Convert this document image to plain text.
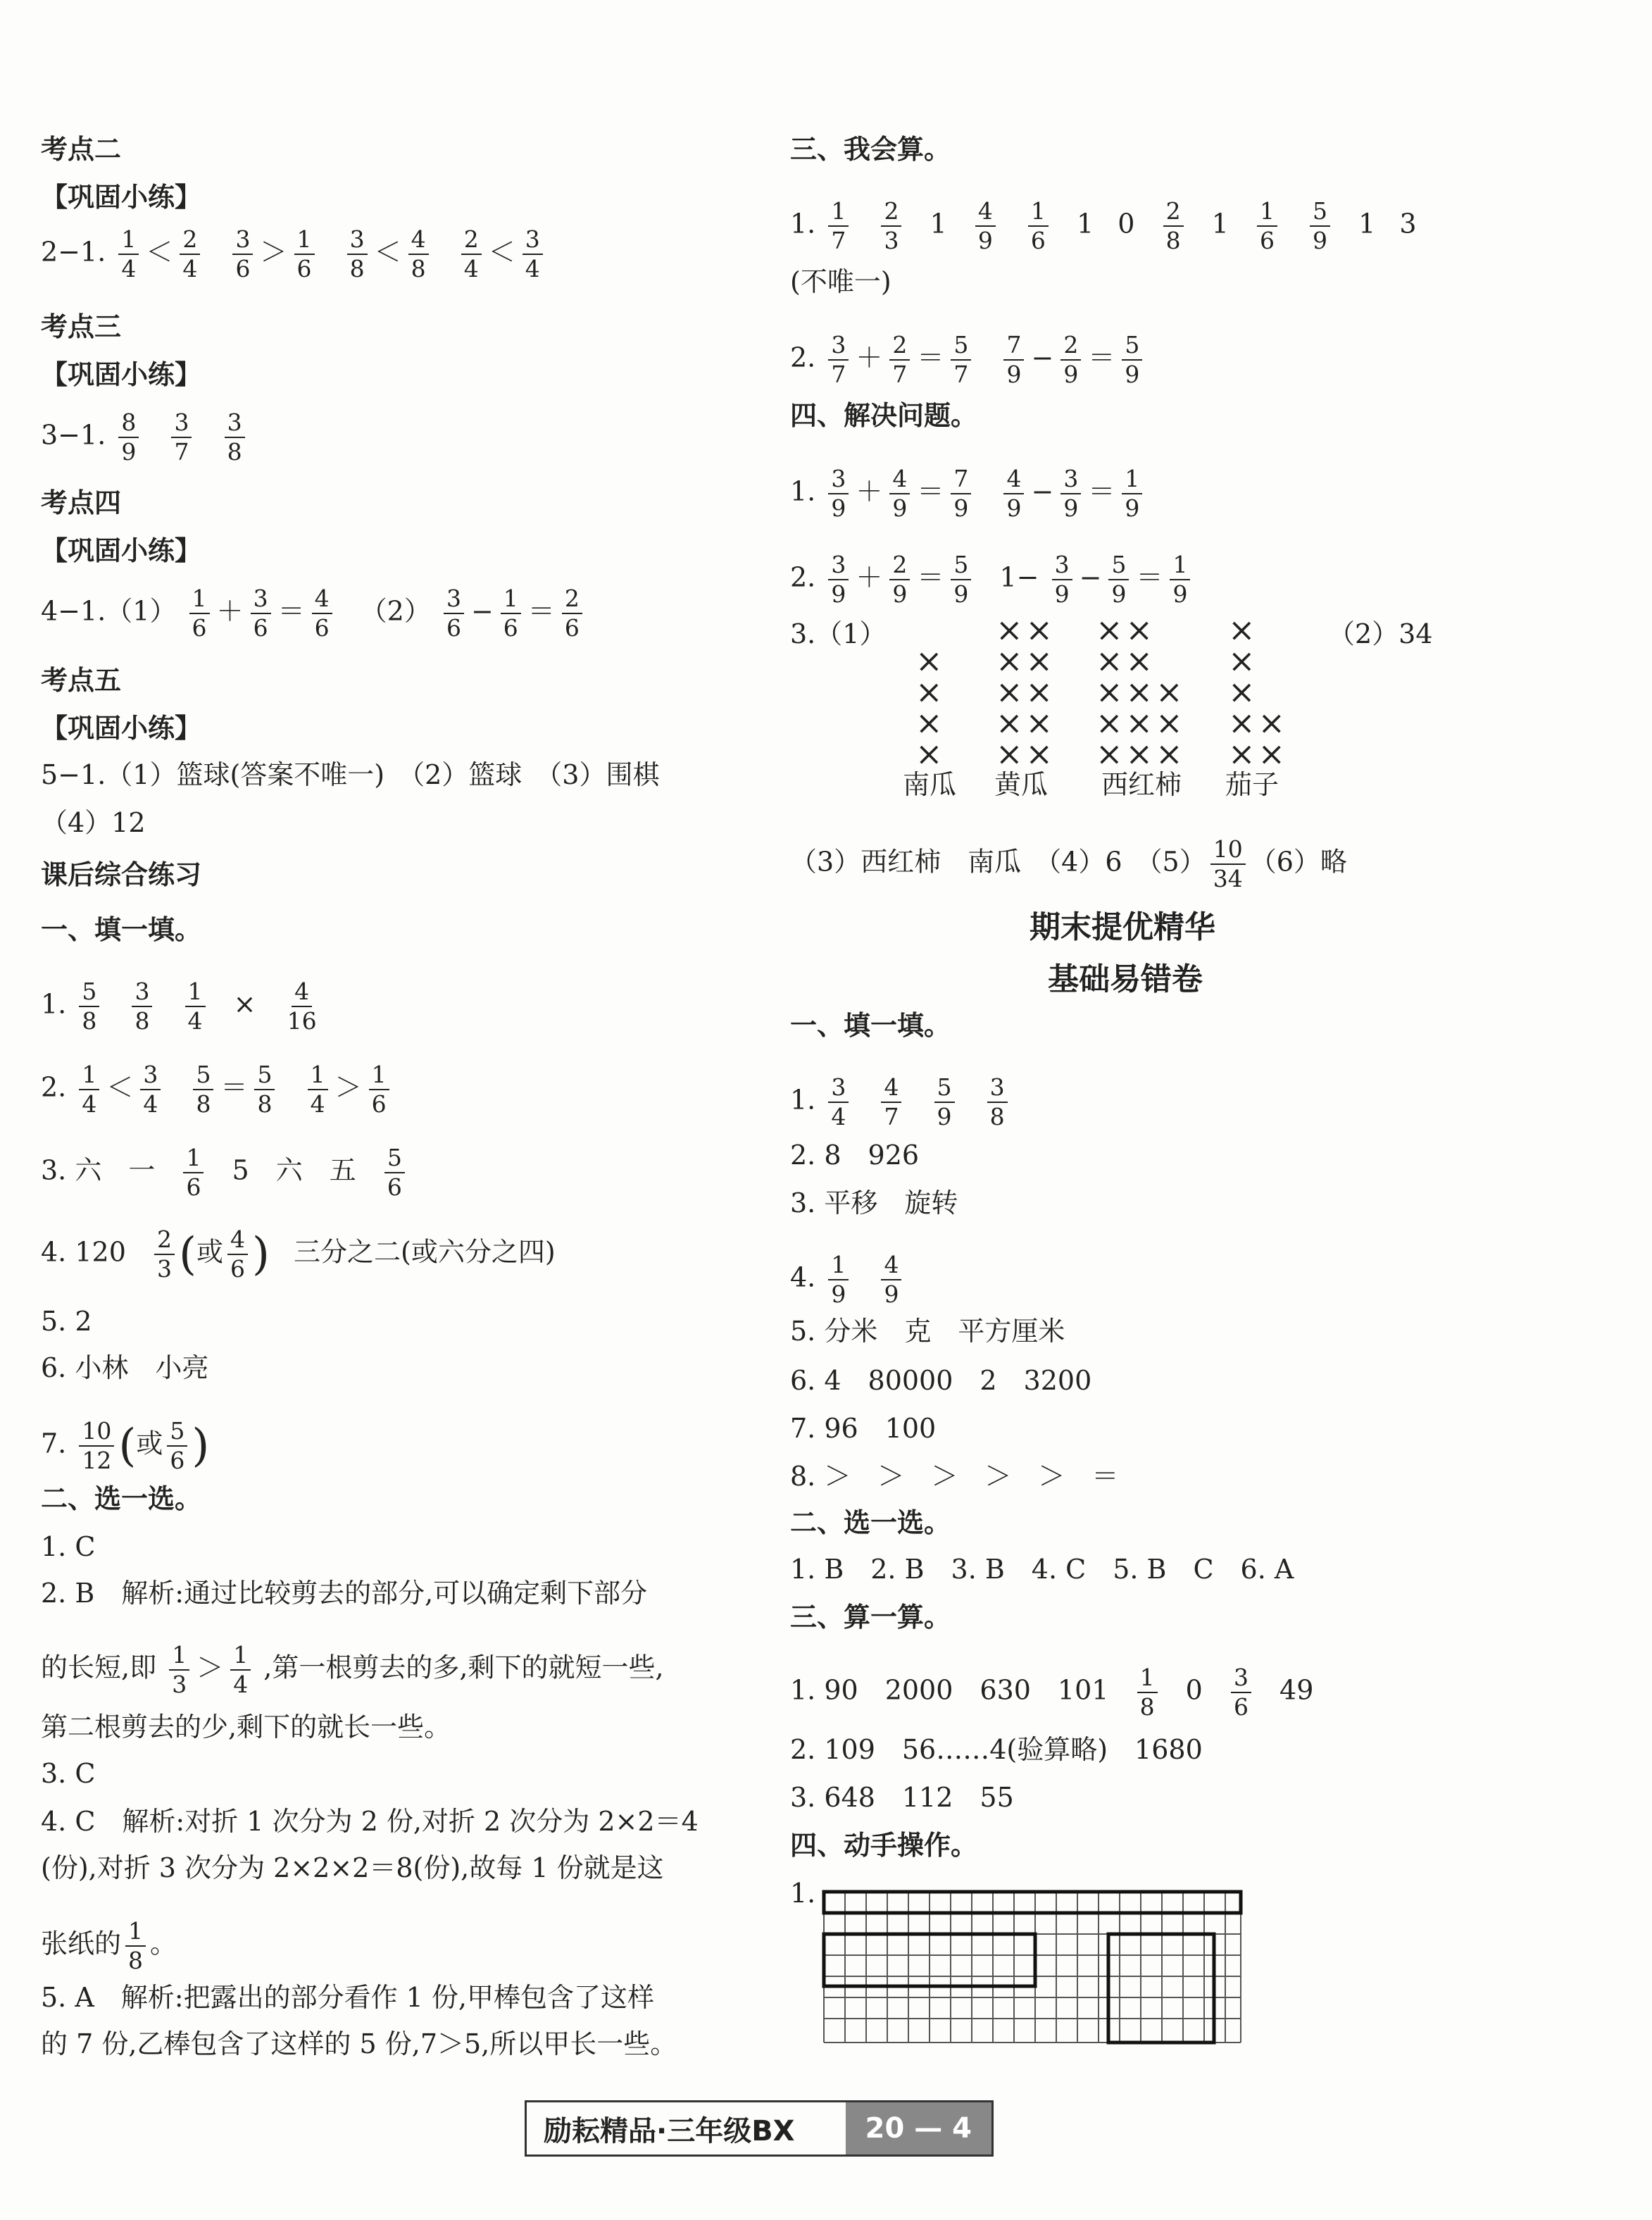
考点二
【巩固小练】
2−1. $\frac{1}{4} < \frac{2}{4}$
$\frac{3}{6} > \frac{1}{6}$
$\frac{3}{8} < \frac{4}{8}$
$\frac{2}{4} < \frac{3}{4}$
考点三
【巩固小练】
3−1. $\frac{8}{9}$
$\frac{3}{7}$
$\frac{3}{8}$
考点四
【巩固小练】
$4-1.(1) \frac{1}{6} + \frac{3}{6} = \frac{4}{6} (2) \frac{3}{6} - \frac{1}{6} = \frac{2}{6}$
考点五
【巩固小练】
5−1.（1）篮球(答案不唯一)　（2）篮球　（3）围棋
（4）12
课后综合练习
一、填一填。
1. $\frac{5}{8}$
$\frac{3}{8}$
$\frac{1}{4} \times \frac{4}{16}$
2. $\frac{1}{4} < \frac{3}{4}$
$\frac{5}{8} = \frac{5}{8}$
$\frac{1}{4} > \frac{1}{6}$
3. 六　一 $\frac{1}{6} 5$　六　五 $\frac{5}{6}$
4. $120 \frac{2}{3}$ (或 $\frac{4}{6}$ ) 三分之二(或六分之四)
5. 2
6. 小林　小亮
7. $\frac{10}{12}$ (或 $\frac{5}{6}$ )
二、选一选。
1. C
2. B　解析:通过比较剪去的部分,可以确定剩下部分
的长短,即 $\frac{1}{3} > \frac{1}{4}$ ,第一根剪去的多,剩下的就短一些,
第二根剪去的少,剩下的就长一些。
3. C
4. C　解析:对折 1 次分为 2 份,对折 2 次分为 2×2＝4
(份),对折 3 次分为 2×2×2＝8(份),故每 1 份就是这
张纸的 $\frac{1}{8}$ 。
5. A　解析:把露出的部分看作 1 份,甲棒包含了这样
的 7 份,乙棒包含了这样的 5 份,7＞5,所以甲长一些。
三、我会算。
1. $\frac{1}{7}$
$\frac{2}{3} 1 \frac{4}{9}$
$\frac{1}{6} 1$ $0 \frac{2}{8} 1 \frac{1}{6}$
$\frac{5}{9} 1$ 3
(不唯一)
2. $\frac{3}{7} + \frac{2}{7} = \frac{5}{7}$
$\frac{7}{9} - \frac{2}{9} = \frac{5}{9}$
四、解决问题。
1. $\frac{3}{9} + \frac{4}{9} = \frac{7}{9}$
$\frac{4}{9} - \frac{3}{9} = \frac{1}{9}$
2. $\frac{3}{9} + \frac{2}{9} = \frac{5}{9} 1- \frac{3}{9} - \frac{5}{9} = \frac{1}{9}$
3.（1）	（2）34
×
×
×
×
××
××
××
××
××
××
××
×××
×××
×××
×
×
×
××
××
南瓜 黄瓜 西红柿 茄子
（3）西红柿　南瓜　（4）6　$(5) \frac{10}{34} (6)$略
期末提优精华
基础易错卷
一、填一填。
1. $\frac{3}{4}$
$\frac{4}{7}$
$\frac{5}{9}$
$\frac{3}{8}$
2. 8　926
3. 平移　旋转
4. $\frac{1}{9}$
$\frac{4}{9}$
5. 分米　克　平方厘米
6. 4　80000　2　3200
7. 96　100
8. ＞　＞　＞　＞　＞　＝
二、选一选。
1. B　2. B　3. B　4. C　5. B　C　6. A
三、算一算。
1. 90　2000　630　$101 \frac{1}{8} 0 \frac{3}{6} 49$
2. 109　56……4(验算略)　1680
3. 648　112　55
四、动手操作。
1.
励耘精品·三年级BX	20 — 4
